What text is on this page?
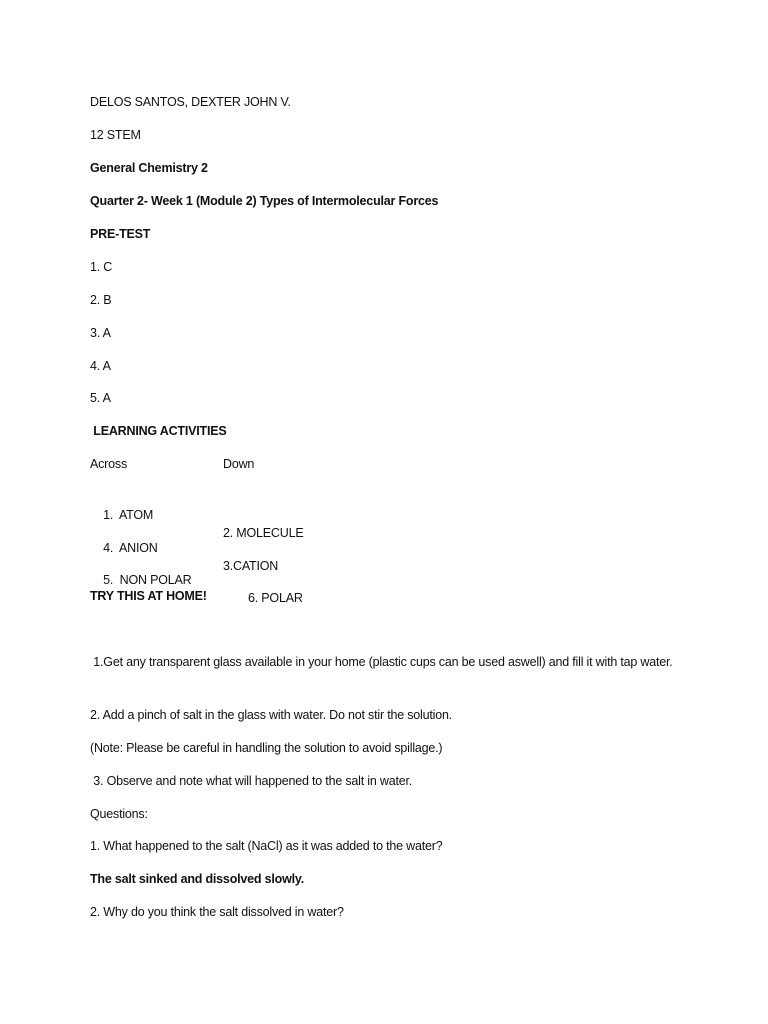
DELOS SANTOS, DEXTER JOHN V.
12 STEM
General Chemistry 2
Quarter 2- Week 1 (Module 2) Types of Intermolecular Forces
PRE-TEST
1. C
2. B
3. A
4. A
5. A
LEARNING ACTIVITIES
Across	Down

1.  ATOM

2. MOLECULE

4.  ANION

3.CATION

5.  NON POLAR

6. POLAR

TRY THIS AT HOME!
1.Get any transparent glass available in your home (plastic cups can be used aswell) and fill it with tap water.
2. Add a pinch of salt in the glass with water. Do not stir the solution.
(Note: Please be careful in handling the solution to avoid spillage.)
3. Observe and note what will happened to the salt in water.
Questions:
1. What happened to the salt (NaCl) as it was added to the water?
The salt sinked and dissolved slowly.
2. Why do you think the salt dissolved in water?
